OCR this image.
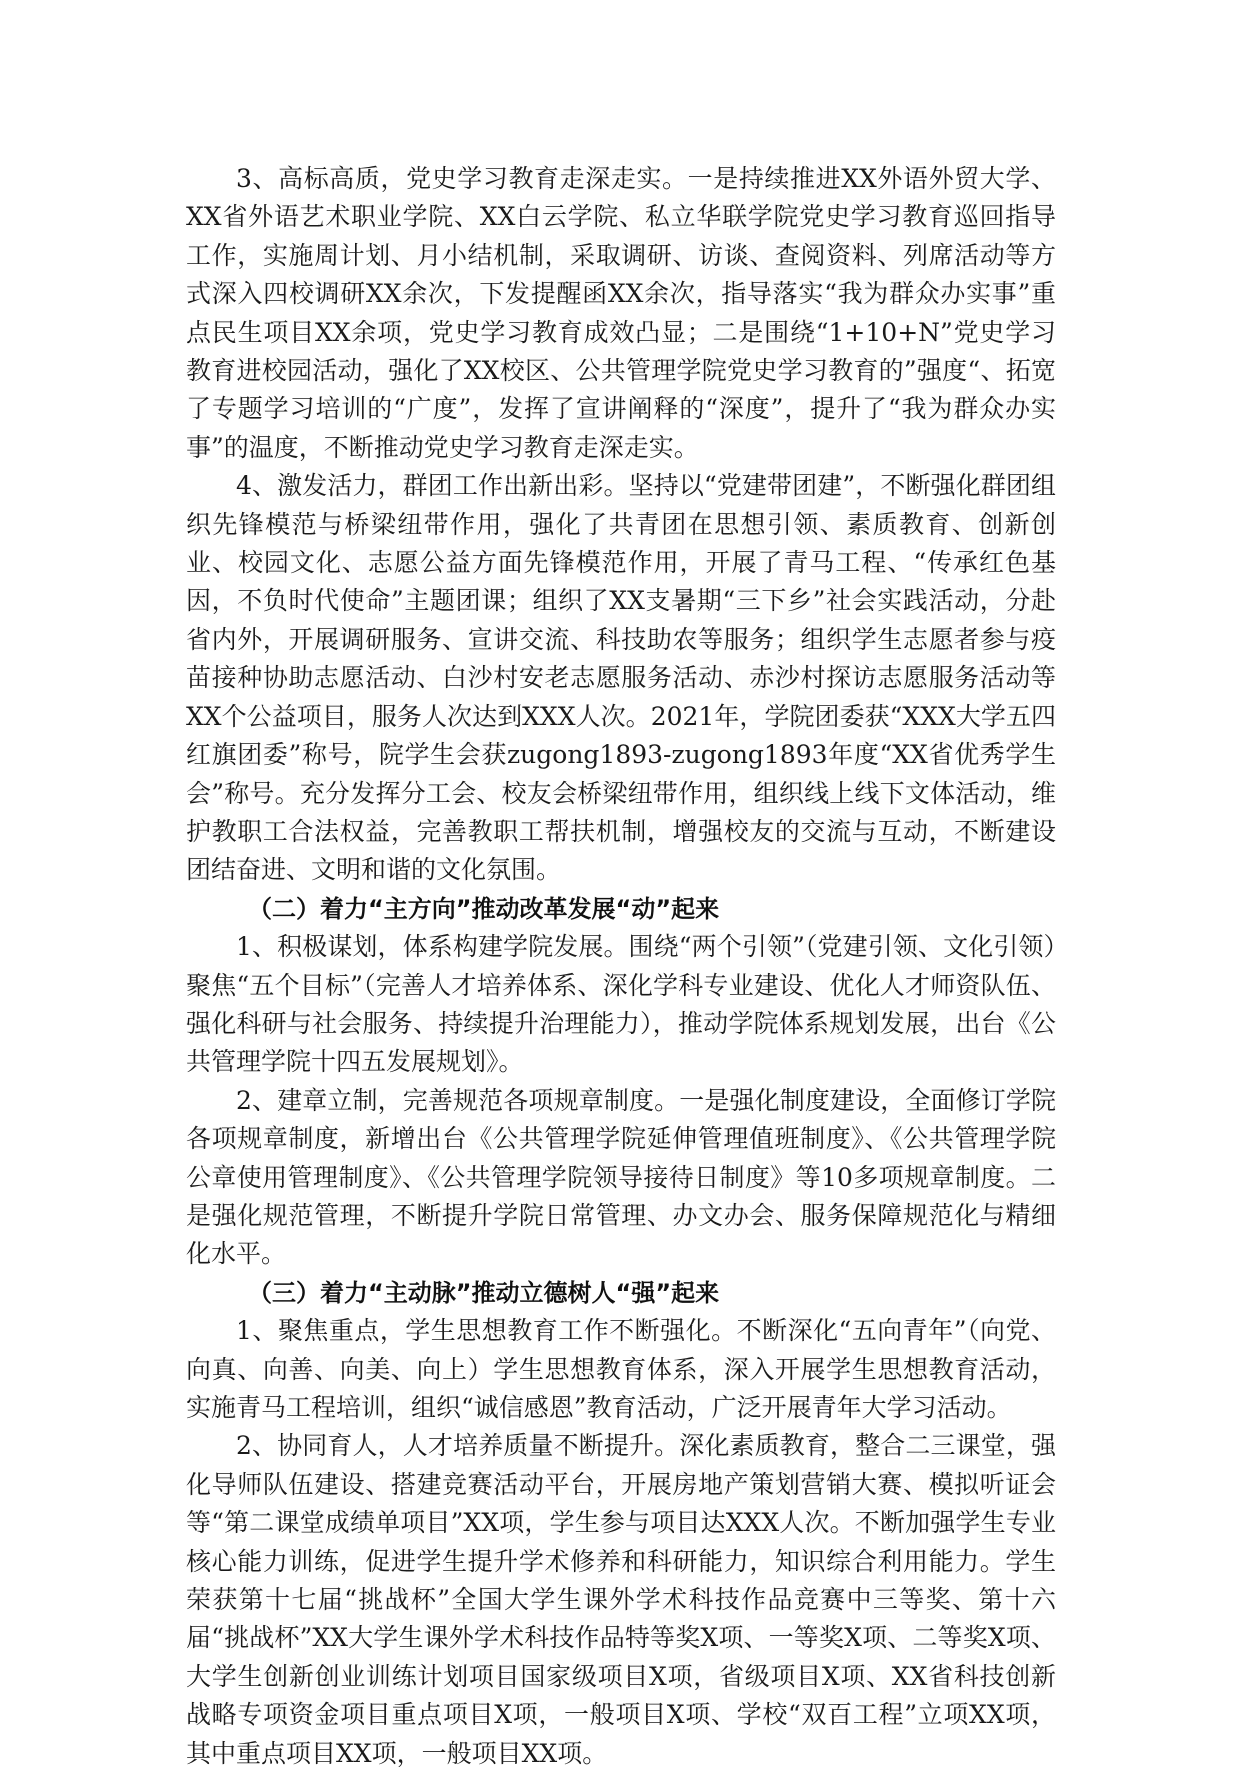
3、高标高质，党史学习教育走深走实。一是持续推进XX外语外贸大学、XX省外语艺术职业学院、XX白云学院、私立华联学院党史学习教育巡回指导工作，实施周计划、月小结机制，采取调研、访谈、查阅资料、列席活动等方式深入四校调研XX余次，下发提醒函XX余次，指导落实“我为群众办实事”重点民生项目XX余项，党史学习教育成效凸显；二是围绕“1+10+N”党史学习教育进校园活动，强化了XX校区、公共管理学院党史学习教育的”强度“、拓宽了专题学习培训的“广度”，发挥了宣讲阐释的“深度”，提升了“我为群众办实事”的温度，不断推动党史学习教育走深走实。

4、激发活力，群团工作出新出彩。坚持以“党建带团建”，不断强化群团组织先锋模范与桥梁纽带作用，强化了共青团在思想引领、素质教育、创新创业、校园文化、志愿公益方面先锋模范作用，开展了青马工程、“传承红色基因，不负时代使命”主题团课；组织了XX支暑期“三下乡”社会实践活动，分赴省内外，开展调研服务、宣讲交流、科技助农等服务；组织学生志愿者参与疫苗接种协助志愿活动、白沙村安老志愿服务活动、赤沙村探访志愿服务活动等XX个公益项目，服务人次达到XXX人次。2021年，学院团委获“XXX大学五四红旗团委”称号，院学生会获zugong1893-zugong1893年度“XX省优秀学生会”称号。充分发挥分工会、校友会桥梁纽带作用，组织线上线下文体活动，维护教职工合法权益，完善教职工帮扶机制，增强校友的交流与互动，不断建设团结奋进、文明和谐的文化氛围。

（二）着力“主方向”推动改革发展“动”起来

1、积极谋划，体系构建学院发展。围绕“两个引领”（党建引领、文化引领）聚焦“五个目标”（完善人才培养体系、深化学科专业建设、优化人才师资队伍、强化科研与社会服务、持续提升治理能力），推动学院体系规划发展，出台《公共管理学院十四五发展规划》。

2、建章立制，完善规范各项规章制度。一是强化制度建设，全面修订学院各项规章制度，新增出台《公共管理学院延伸管理值班制度》、《公共管理学院公章使用管理制度》、《公共管理学院领导接待日制度》等10多项规章制度。二是强化规范管理，不断提升学院日常管理、办文办会、服务保障规范化与精细化水平。

（三）着力“主动脉”推动立德树人“强”起来

1、聚焦重点，学生思想教育工作不断强化。不断深化“五向青年”（向党、向真、向善、向美、向上）学生思想教育体系，深入开展学生思想教育活动，实施青马工程培训，组织“诚信感恩”教育活动，广泛开展青年大学习活动。

2、协同育人，人才培养质量不断提升。深化素质教育，整合二三课堂，强化导师队伍建设、搭建竞赛活动平台，开展房地产策划营销大赛、模拟听证会等“第二课堂成绩单项目”XX项，学生参与项目达XXX人次。不断加强学生专业核心能力训练，促进学生提升学术修养和科研能力，知识综合利用能力。学生荣获第十七届“挑战杯”全国大学生课外学术科技作品竞赛中三等奖、第十六届“挑战杯”XX大学生课外学术科技作品特等奖X项、一等奖X项、二等奖X项、大学生创新创业训练计划项目国家级项目X项，省级项目X项、XX省科技创新战略专项资金项目重点项目X项，一般项目X项、学校“双百工程”立项XX项，其中重点项目XX项，一般项目XX项。
